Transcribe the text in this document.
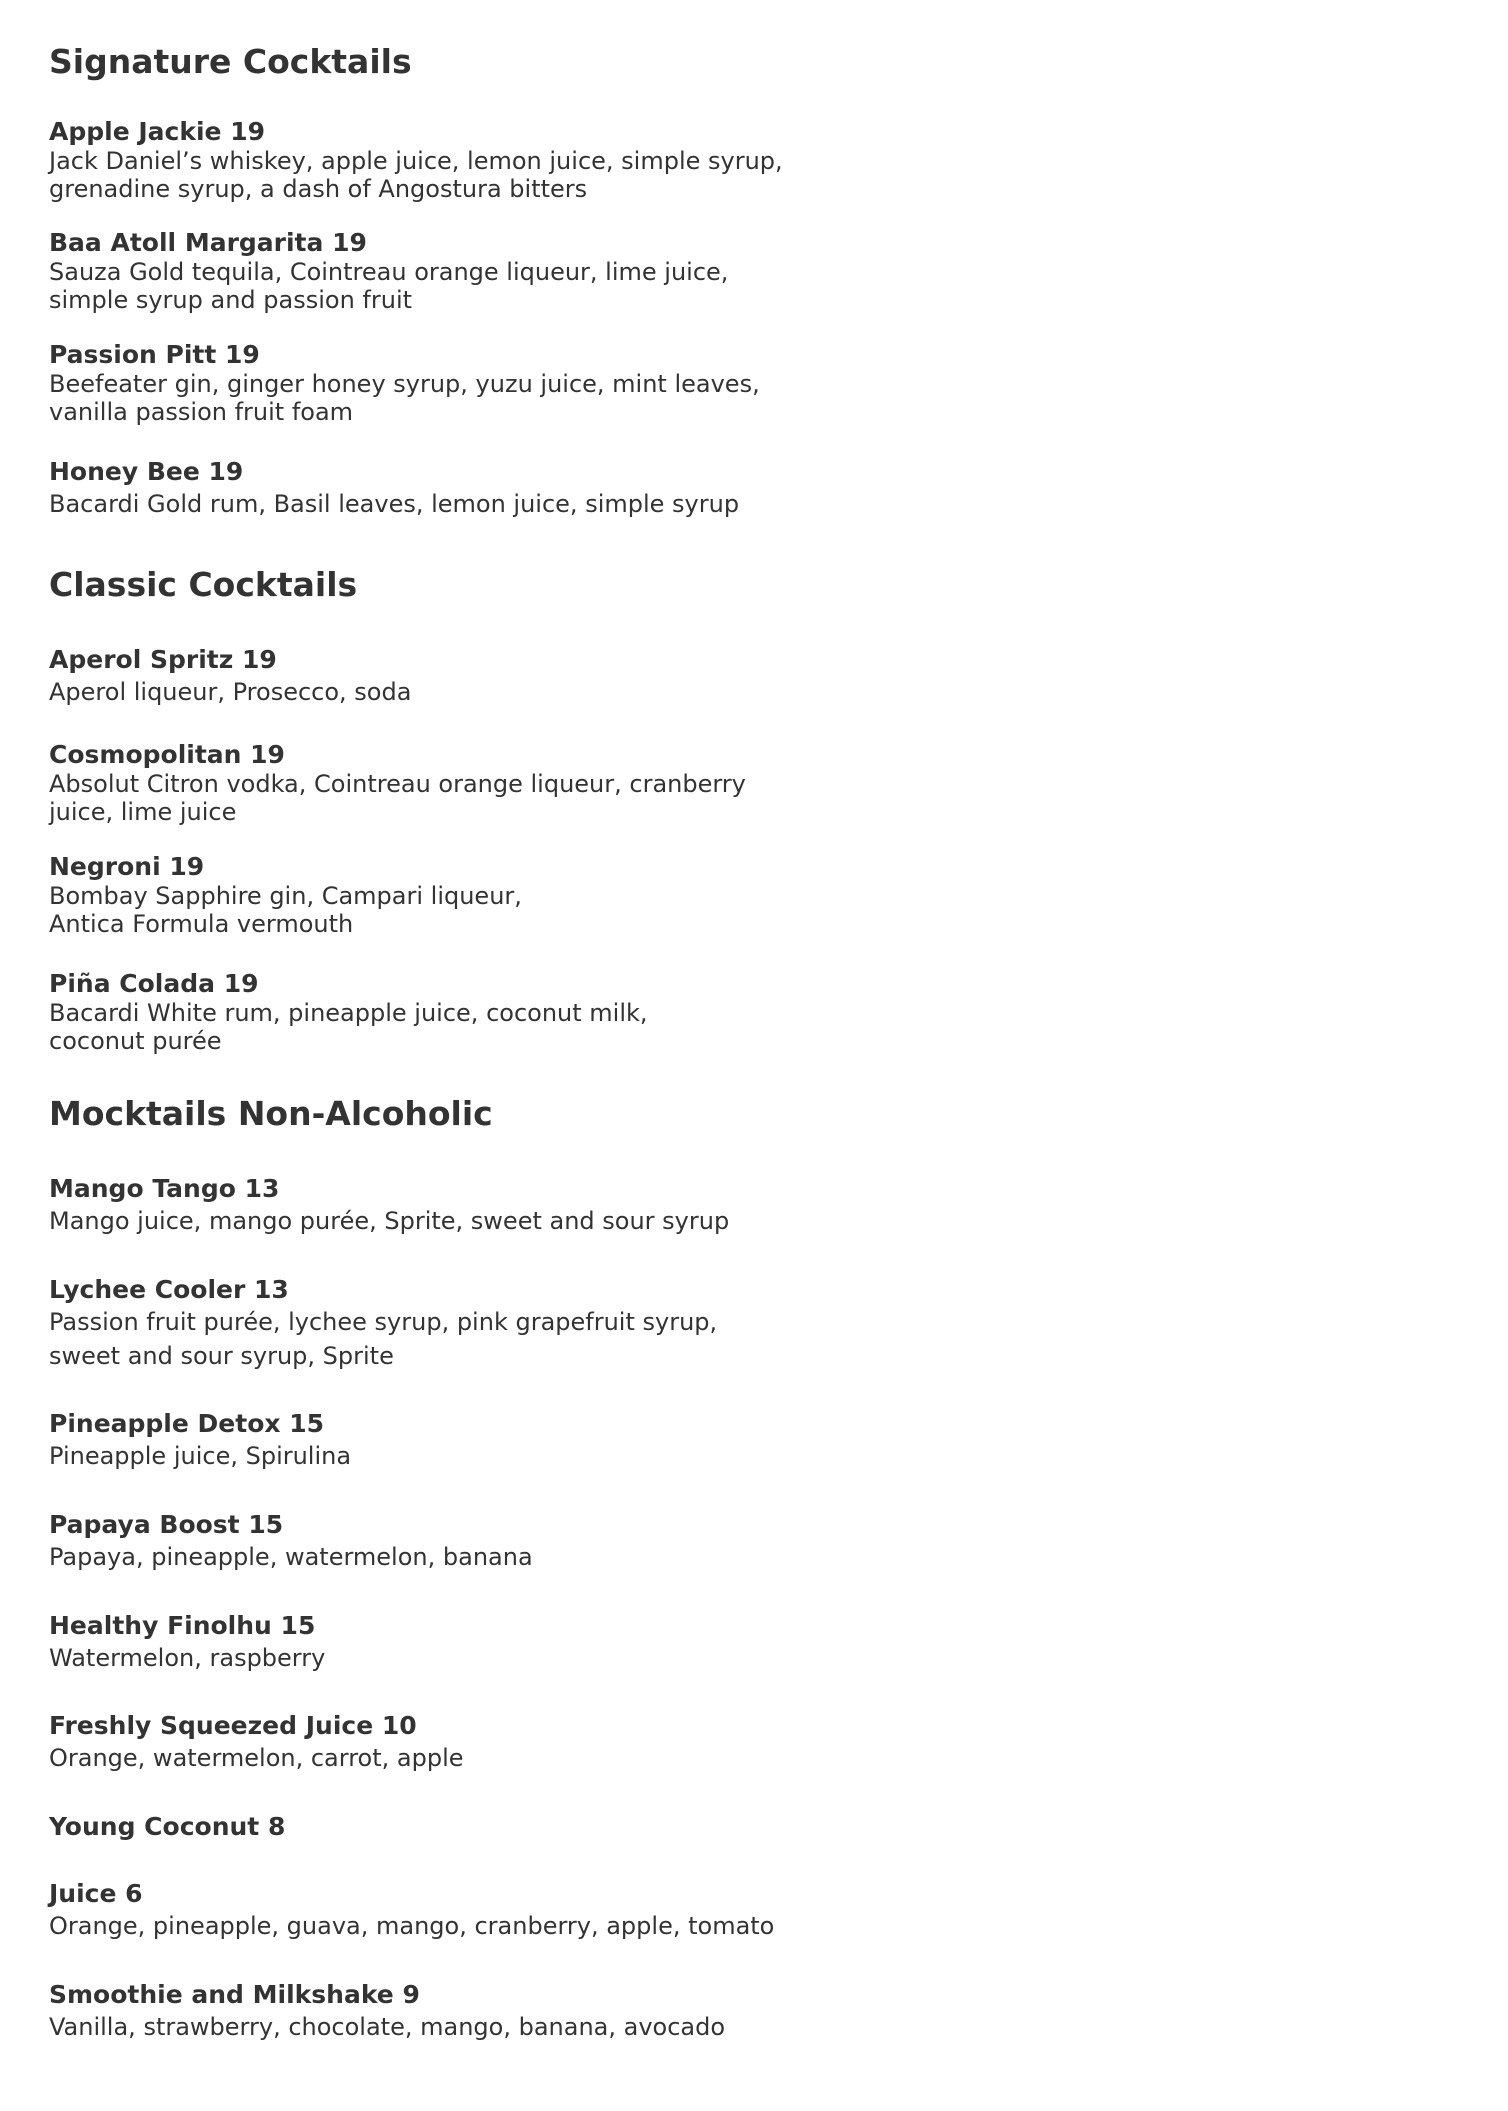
Signature Cocktails
Apple Jackie 19
Jack Daniel’s whiskey, apple juice, lemon juice, simple syrup,
grenadine syrup, a dash of Angostura bitters
Baa Atoll Margarita 19
Sauza Gold tequila, Cointreau orange liqueur, lime juice,
simple syrup and passion fruit
Passion Pitt 19
Beefeater gin, ginger honey syrup, yuzu juice, mint leaves,
vanilla passion fruit foam
Honey Bee 19
Bacardi Gold rum, Basil leaves, lemon juice, simple syrup
Classic Cocktails
Aperol Spritz 19
Aperol liqueur, Prosecco, soda
Cosmopolitan 19
Absolut Citron vodka, Cointreau orange liqueur, cranberry
juice, lime juice
Negroni 19
Bombay Sapphire gin, Campari liqueur,
Antica Formula vermouth
Piña Colada 19
Bacardi White rum, pineapple juice, coconut milk,
coconut purée
Mocktails Non-Alcoholic
Mango Tango 13
Mango juice, mango purée, Sprite, sweet and sour syrup
Lychee Cooler 13
Passion fruit purée, lychee syrup, pink grapefruit syrup,
sweet and sour syrup, Sprite
Pineapple Detox 15
Pineapple juice, Spirulina
Papaya Boost 15
Papaya, pineapple, watermelon, banana
Healthy Finolhu 15
Watermelon, raspberry
Freshly Squeezed Juice 10
Orange, watermelon, carrot, apple
Young Coconut 8
Juice 6
Orange, pineapple, guava, mango, cranberry, apple, tomato
Smoothie and Milkshake 9
Vanilla, strawberry, chocolate, mango, banana, avocado
